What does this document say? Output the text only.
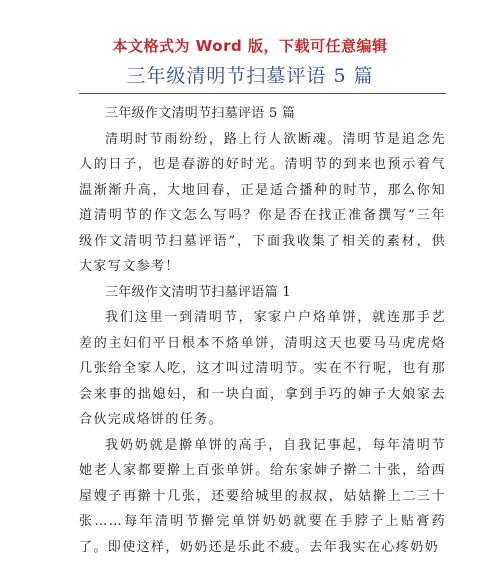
本文格式为 Word 版，下载可任意编辑
三年级清明节扫墓评语 5 篇

三年级作文清明节扫墓评语 5 篇

清明时节雨纷纷，路上行人欲断魂。清明节是追念先人的日子，也是春游的好时光。清明节的到来也预示着气温渐渐升高，大地回春，正是适合播种的时节，那么你知道清明节的作文怎么写吗？你是否在找正准备撰写“三年级作文清明节扫墓评语”，下面我收集了相关的素材，供大家写文参考！

三年级作文清明节扫墓评语篇 1

我们这里一到清明节，家家户户烙单饼，就连那手艺差的主妇们平日根本不烙单饼，清明这天也要马马虎虎烙几张给全家人吃，这才叫过清明节。实在不行呢，也有那会来事的拙媳妇，和一块白面，拿到手巧的婶子大娘家去合伙完成烙饼的任务。

我奶奶就是擀单饼的高手，自我记事起，每年清明节她老人家都要擀上百张单饼。给东家婶子擀二十张，给西屋嫂子再擀十几张，还要给城里的叔叔，姑姑擀上二三十张……每年清明节擀完单饼奶奶就要在手脖子上贴膏药了。即使这样，奶奶还是乐此不疲。去年我实在心疼奶奶
